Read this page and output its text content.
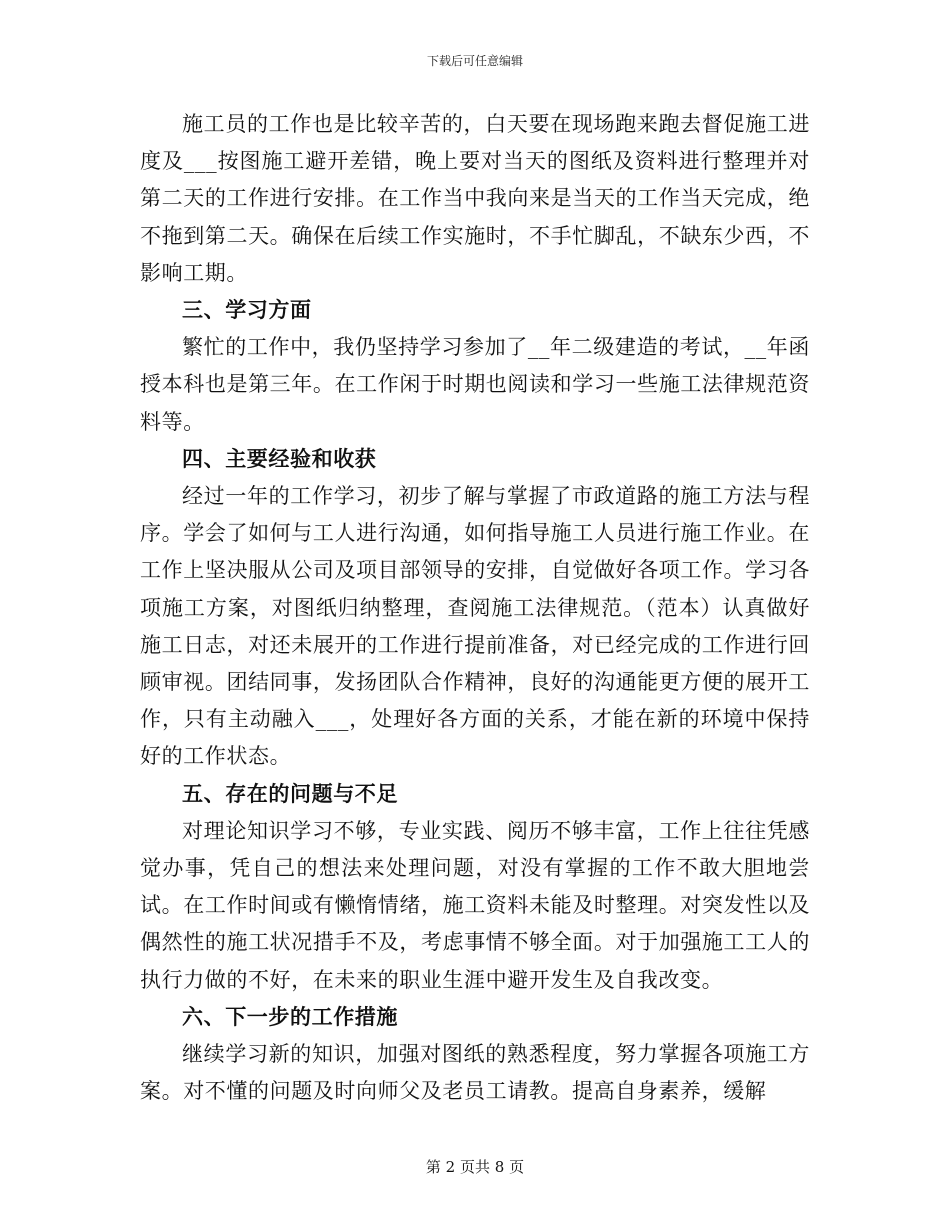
下载后可任意编辑

施工员的工作也是比较辛苦的，白天要在现场跑来跑去督促施工进度及___按图施工避开差错，晚上要对当天的图纸及资料进行整理并对第二天的工作进行安排。在工作当中我向来是当天的工作当天完成，绝不拖到第二天。确保在后续工作实施时，不手忙脚乱，不缺东少西，不影响工期。

三、学习方面

繁忙的工作中，我仍坚持学习参加了__年二级建造的考试，__年函授本科也是第三年。在工作闲于时期也阅读和学习一些施工法律规范资料等。

四、主要经验和收获

经过一年的工作学习，初步了解与掌握了市政道路的施工方法与程序。学会了如何与工人进行沟通，如何指导施工人员进行施工作业。在工作上坚决服从公司及项目部领导的安排，自觉做好各项工作。学习各项施工方案，对图纸归纳整理，查阅施工法律规范。（范本）认真做好施工日志，对还未展开的工作进行提前准备，对已经完成的工作进行回顾审视。团结同事，发扬团队合作精神，良好的沟通能更方便的展开工作，只有主动融入___，处理好各方面的关系，才能在新的环境中保持好的工作状态。

五、存在的问题与不足

对理论知识学习不够，专业实践、阅历不够丰富，工作上往往凭感觉办事，凭自己的想法来处理问题，对没有掌握的工作不敢大胆地尝试。在工作时间或有懒惰情绪，施工资料未能及时整理。对突发性以及偶然性的施工状况措手不及，考虑事情不够全面。对于加强施工工人的执行力做的不好，在未来的职业生涯中避开发生及自我改变。

六、下一步的工作措施

继续学习新的知识，加强对图纸的熟悉程度，努力掌握各项施工方案。对不懂的问题及时向师父及老员工请教。提高自身素养，缓解

第 2 页共 8 页
